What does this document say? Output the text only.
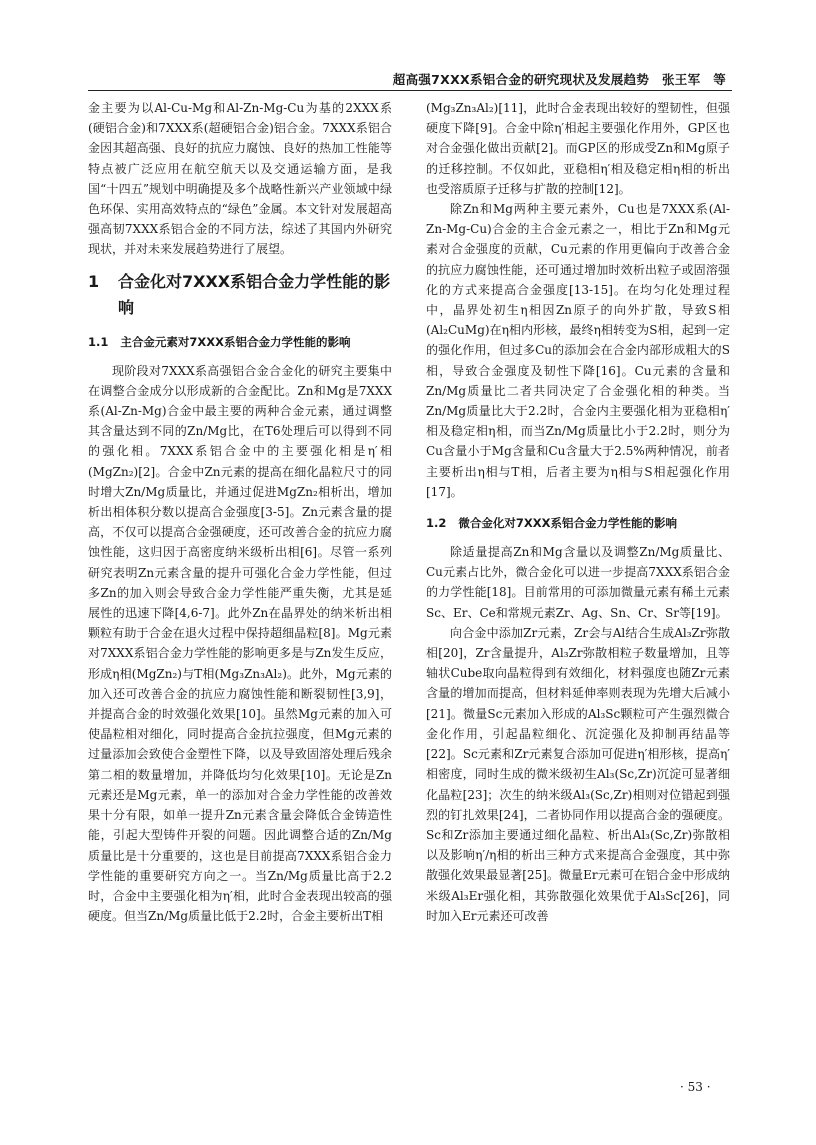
超高强7XXX系铝合金的研究现状及发展趋势　张王军　等

金主要为以Al-Cu-Mg和Al-Zn-Mg-Cu为基的2XXX系(硬铝合金)和7XXX系(超硬铝合金)铝合金。7XXX系铝合金因其超高强、良好的抗应力腐蚀、良好的热加工性能等特点被广泛应用在航空航天以及交通运输方面，是我国“十四五”规划中明确提及多个战略性新兴产业领域中绿色环保、实用高效特点的“绿色”金属。本文针对发展超高强高韧7XXX系铝合金的不同方法，综述了其国内外研究现状，并对未来发展趋势进行了展望。

1	合金化对7XXX系铝合金力学性能的影响
1.1 主合金元素对7XXX系铝合金力学性能的影响

现阶段对7XXX系高强铝合金合金化的研究主要集中在调整合金成分以形成新的合金配比。Zn和Mg是7XXX系(Al-Zn-Mg)合金中最主要的两种合金元素，通过调整其含量达到不同的Zn/Mg比，在T6处理后可以得到不同的强化相。7XXX系铝合金中的主要强化相是η′相(MgZn₂)[2]。合金中Zn元素的提高在细化晶粒尺寸的同时增大Zn/Mg质量比，并通过促进MgZn₂相析出，增加析出相体积分数以提高合金强度[3-5]。Zn元素含量的提高，不仅可以提高合金强硬度，还可改善合金的抗应力腐蚀性能，这归因于高密度纳米级析出相[6]。尽管一系列研究表明Zn元素含量的提升可强化合金力学性能，但过多Zn的加入则会导致合金力学性能严重失衡，尤其是延展性的迅速下降[4,6-7]。此外Zn在晶界处的纳米析出相颗粒有助于合金在退火过程中保持超细晶粒[8]。Mg元素对7XXX系铝合金力学性能的影响更多是与Zn发生反应，形成η相(MgZn₂)与T相(Mg₃Zn₃Al₂)。此外，Mg元素的加入还可改善合金的抗应力腐蚀性能和断裂韧性[3,9]，并提高合金的时效强化效果[10]。虽然Mg元素的加入可使晶粒相对细化，同时提高合金抗拉强度，但Mg元素的过量添加会致使合金塑性下降，以及导致固溶处理后残余第二相的数量增加，并降低均匀化效果[10]。无论是Zn元素还是Mg元素，单一的添加对合金力学性能的改善效果十分有限，如单一提升Zn元素含量会降低合金铸造性能，引起大型铸件开裂的问题。因此调整合适的Zn/Mg质量比是十分重要的，这也是目前提高7XXX系铝合金力学性能的重要研究方向之一。当Zn/Mg质量比高于2.2时，合金中主要强化相为η′相，此时合金表现出较高的强硬度。但当Zn/Mg质量比低于2.2时，合金主要析出T相

(Mg₃Zn₃Al₂)[11]，此时合金表现出较好的塑韧性，但强硬度下降[9]。合金中除η′相起主要强化作用外，GP区也对合金强化做出贡献[2]。而GP区的形成受Zn和Mg原子的迁移控制。不仅如此，亚稳相η′相及稳定相η相的析出也受溶质原子迁移与扩散的控制[12]。

除Zn和Mg两种主要元素外，Cu也是7XXX系(Al-Zn-Mg-Cu)合金的主合金元素之一，相比于Zn和Mg元素对合金强度的贡献，Cu元素的作用更偏向于改善合金的抗应力腐蚀性能，还可通过增加时效析出粒子或固溶强化的方式来提高合金强度[13-15]。在均匀化处理过程中，晶界处初生η相因Zn原子的向外扩散，导致S相(Al₂CuMg)在η相内形核，最终η相转变为S相，起到一定的强化作用，但过多Cu的添加会在合金内部形成粗大的S相，导致合金强度及韧性下降[16]。Cu元素的含量和Zn/Mg质量比二者共同决定了合金强化相的种类。当Zn/Mg质量比大于2.2时，合金内主要强化相为亚稳相η′相及稳定相η相，而当Zn/Mg质量比小于2.2时，则分为Cu含量小于Mg含量和Cu含量大于2.5%两种情况，前者主要析出η相与T相，后者主要为η相与S相起强化作用[17]。

1.2 微合金化对7XXX系铝合金力学性能的影响

除适量提高Zn和Mg含量以及调整Zn/Mg质量比、Cu元素占比外，微合金化可以进一步提高7XXX系铝合金的力学性能[18]。目前常用的可添加微量元素有稀土元素Sc、Er、Ce和常规元素Zr、Ag、Sn、Cr、Sr等[19]。

向合金中添加Zr元素，Zr会与Al结合生成Al₃Zr弥散相[20]，Zr含量提升，Al₃Zr弥散相粒子数量增加，且等轴状Cube取向晶粒得到有效细化，材料强度也随Zr元素含量的增加而提高，但材料延伸率则表现为先增大后减小[21]。微量Sc元素加入形成的Al₃Sc颗粒可产生强烈微合金化作用，引起晶粒细化、沉淀强化及抑制再结晶等[22]。Sc元素和Zr元素复合添加可促进η′相形核，提高η′相密度，同时生成的微米级初生Al₃(Sc,Zr)沉淀可显著细化晶粒[23]；次生的纳米级Al₃(Sc,Zr)相则对位错起到强烈的钉扎效果[24]，二者协同作用以提高合金的强硬度。Sc和Zr添加主要通过细化晶粒、析出Al₃(Sc,Zr)弥散相以及影响η′/η相的析出三种方式来提高合金强度，其中弥散强化效果最显著[25]。微量Er元素可在铝合金中形成纳米级Al₃Er强化相，其弥散强化效果优于Al₃Sc[26]，同时加入Er元素还可改善

· 53 ·
